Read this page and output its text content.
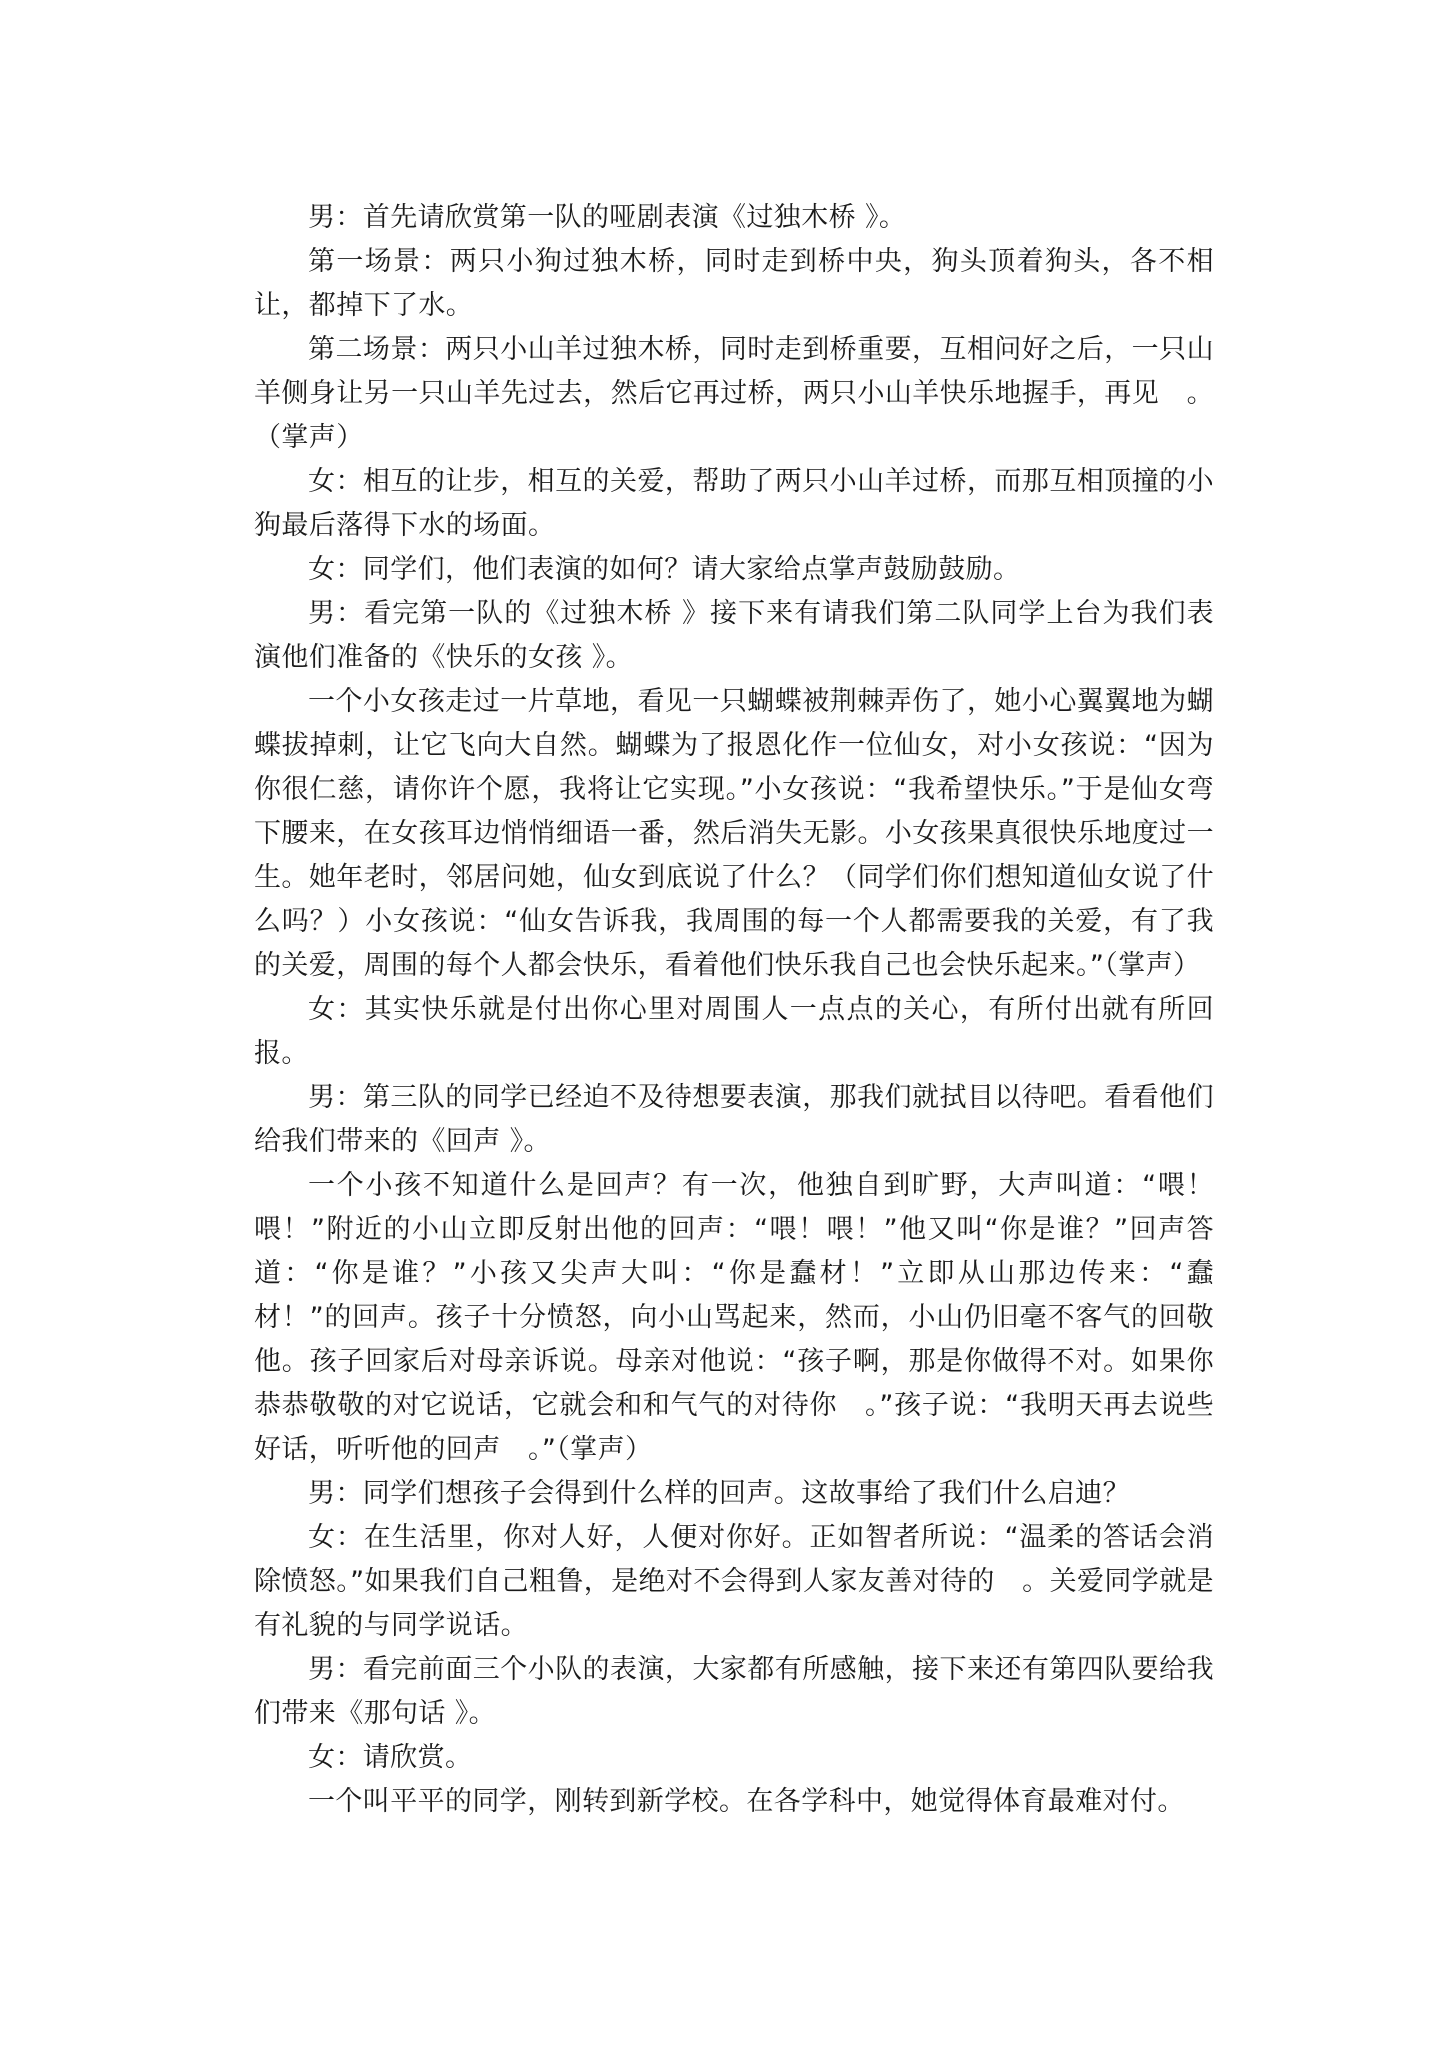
男：首先请欣赏第一队的哑剧表演《过独木桥 》。

第一场景：两只小狗过独木桥，同时走到桥中央，狗头顶着狗头，各不相让，都掉下了水。

第二场景：两只小山羊过独木桥，同时走到桥重要，互相问好之后，一只山羊侧身让另一只山羊先过去，然后它再过桥，两只小山羊快乐地握手，再见　。（掌声）

女：相互的让步，相互的关爱，帮助了两只小山羊过桥，而那互相顶撞的小狗最后落得下水的场面。

女：同学们，他们表演的如何？请大家给点掌声鼓励鼓励。

男：看完第一队的《过独木桥 》接下来有请我们第二队同学上台为我们表演他们准备的《快乐的女孩 》。

一个小女孩走过一片草地，看见一只蝴蝶被荆棘弄伤了，她小心翼翼地为蝴蝶拔掉刺，让它飞向大自然。蝴蝶为了报恩化作一位仙女，对小女孩说：“因为你很仁慈，请你许个愿，我将让它实现。”小女孩说：“我希望快乐。”于是仙女弯下腰来，在女孩耳边悄悄细语一番，然后消失无影。小女孩果真很快乐地度过一生。她年老时，邻居问她，仙女到底说了什么？（同学们你们想知道仙女说了什么吗？）小女孩说：“仙女告诉我，我周围的每一个人都需要我的关爱，有了我的关爱，周围的每个人都会快乐，看着他们快乐我自己也会快乐起来。”（掌声）

女：其实快乐就是付出你心里对周围人一点点的关心，有所付出就有所回报。

男：第三队的同学已经迫不及待想要表演，那我们就拭目以待吧。看看他们给我们带来的《回声 》。

一个小孩不知道什么是回声？有一次，他独自到旷野，大声叫道：“喂！喂！”附近的小山立即反射出他的回声：“喂！喂！”他又叫“你是谁？”回声答道：“你是谁？”小孩又尖声大叫：“你是蠢材！”立即从山那边传来：“蠢材！”的回声。孩子十分愤怒，向小山骂起来，然而，小山仍旧毫不客气的回敬他。孩子回家后对母亲诉说。母亲对他说：“孩子啊，那是你做得不对。如果你恭恭敬敬的对它说话，它就会和和气气的对待你　。”孩子说：“我明天再去说些好话，听听他的回声　。”（掌声）

男：同学们想孩子会得到什么样的回声。这故事给了我们什么启迪？

女：在生活里，你对人好，人便对你好。正如智者所说：“温柔的答话会消除愤怒。”如果我们自己粗鲁，是绝对不会得到人家友善对待的　。关爱同学就是有礼貌的与同学说话。

男：看完前面三个小队的表演，大家都有所感触，接下来还有第四队要给我们带来《那句话 》。

女：请欣赏。

一个叫平平的同学，刚转到新学校。在各学科中，她觉得体育最难对付。
